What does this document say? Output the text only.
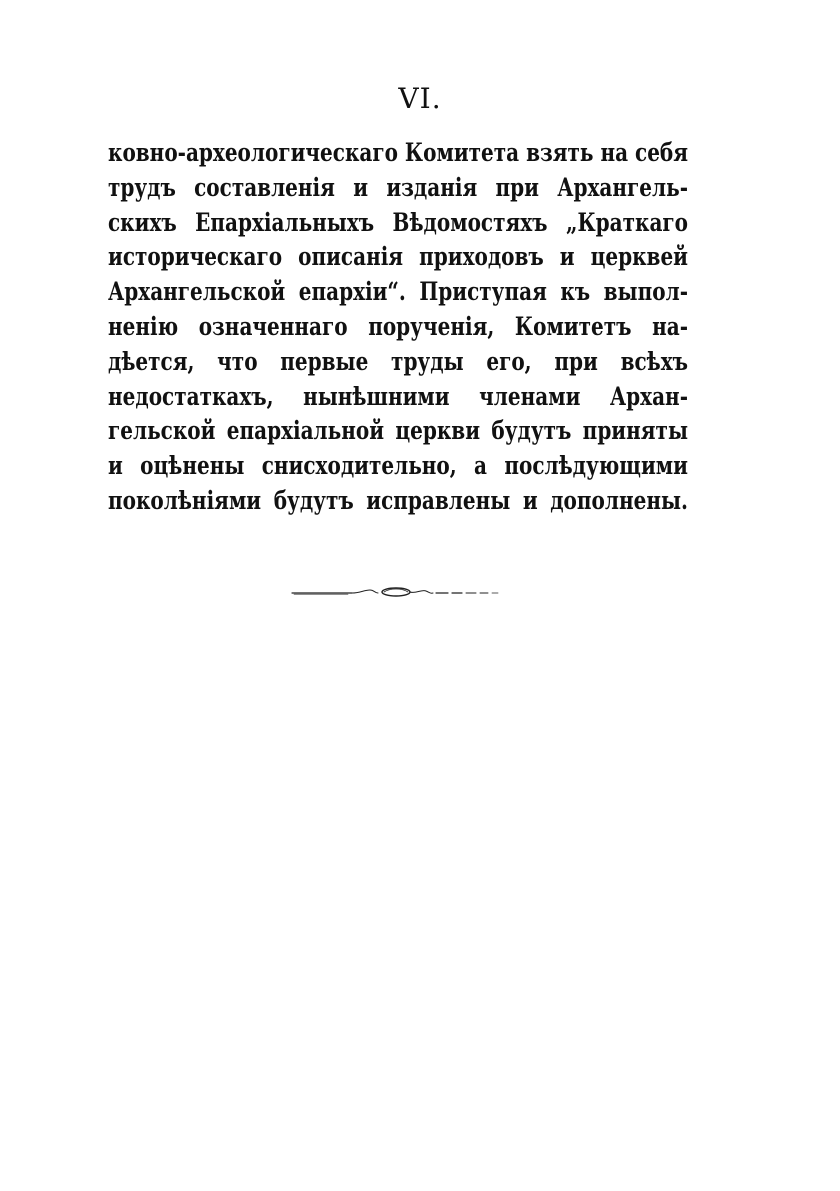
VI.
ковно-археологическаго Комитета взять на себя
трудъ составленія и изданія при Архангель-
скихъ Епархіальныхъ Вѣдомостяхъ „Краткаго
историческаго описанія приходовъ и церквей
Архангельской епархіи“. Приступая къ выпол-
ненію означеннаго порученія, Комитетъ на-
дѣется, что первые труды его, при всѣхъ
недостаткахъ, нынѣшними членами Архан-
гельской епархіальной церкви будутъ приняты
и оцѣнены снисходительно, а послѣдующими
поколѣніями будутъ исправлены и дополнены.
